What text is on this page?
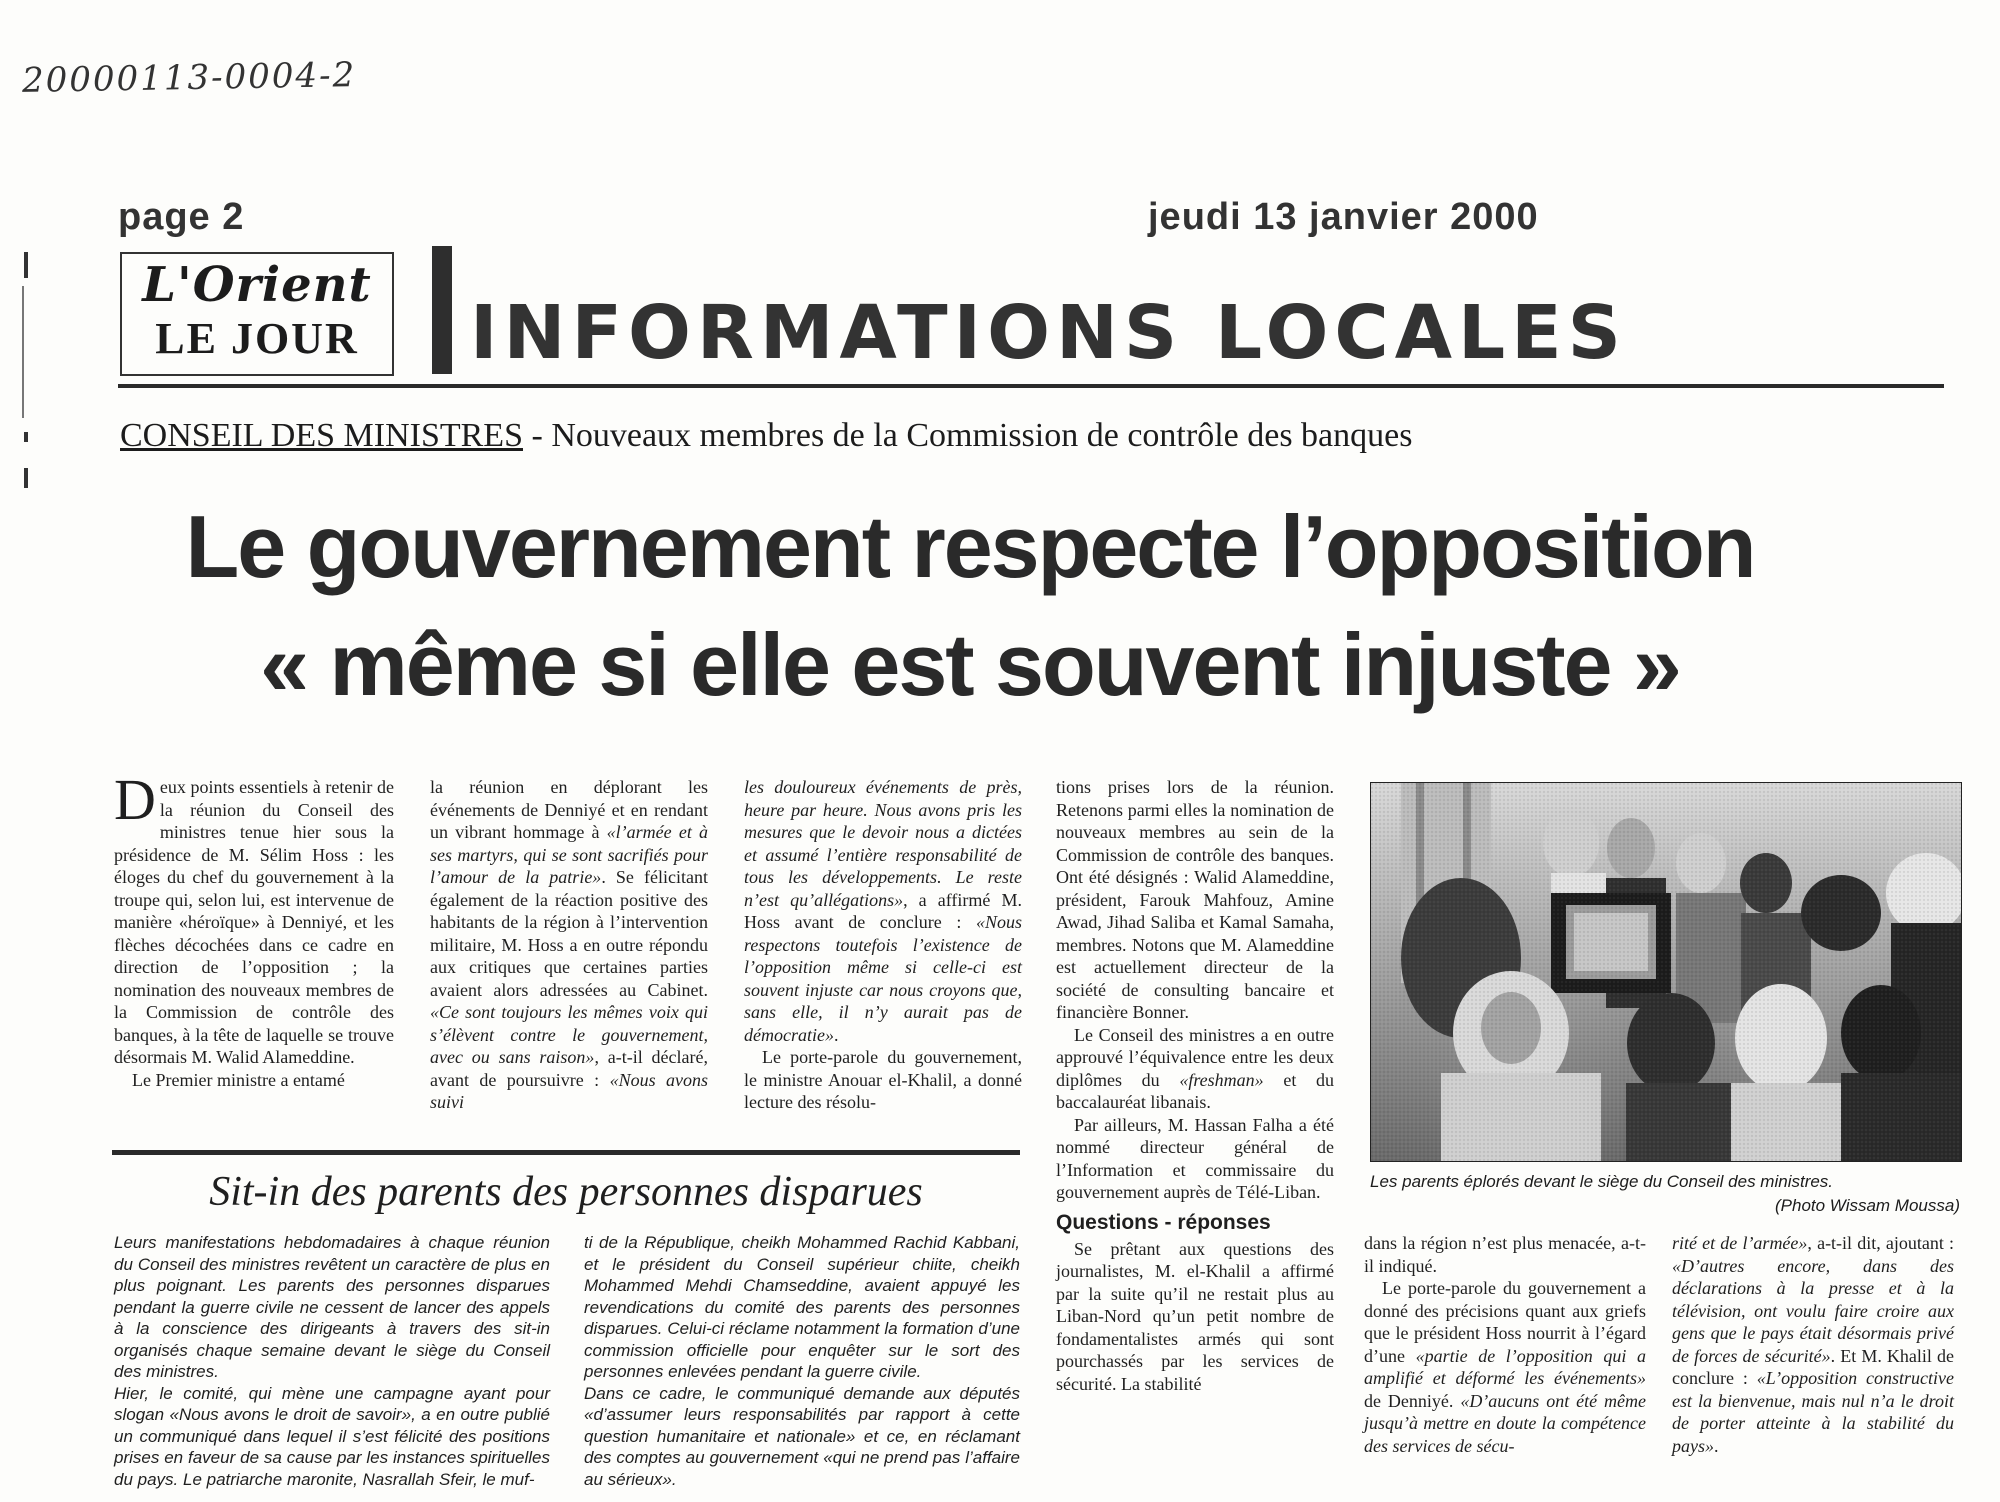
20000113-0004-2
page 2	jeudi 13 janvier 2000
L'Orient
LE JOUR	INFORMATIONS LOCALES
CONSEIL DES MINISTRES - Nouveaux membres de la Commission de contrôle des banques
Le gouvernement respecte l’opposition
« même si elle est souvent injuste »

Deux points essentiels à retenir de la réunion du Conseil des ministres tenue hier sous la présidence de M. Sélim Hoss : les éloges du chef du gouvernement à la troupe qui, selon lui, est intervenue de manière «héroïque» à Denniyé, et les flèches décochées dans ce cadre en direction de l’opposition ; la nomination des nouveaux membres de la Commission de contrôle des banques, à la tête de laquelle se trouve désormais M. Walid Alameddine.

Le Premier ministre a entamé

la réunion en déplorant les événements de Denniyé et en rendant un vibrant hommage à «l’armée et à ses martyrs, qui se sont sacrifiés pour l’amour de la patrie». Se félicitant également de la réaction positive des habitants de la région à l’intervention militaire, M. Hoss a en outre répondu aux critiques que certaines parties avaient alors adressées au Cabinet. «Ce sont toujours les mêmes voix qui s’élèvent contre le gouvernement, avec ou sans raison», a-t-il déclaré, avant de poursuivre : «Nous avons suivi

les douloureux événements de près, heure par heure. Nous avons pris les mesures que le devoir nous a dictées et assumé l’entière responsabilité de tous les développements. Le reste n’est qu’allégations», a affirmé M. Hoss avant de conclure : «Nous respectons toutefois l’existence de l’opposition même si celle-ci est souvent injuste car nous croyons que, sans elle, il n’y aurait pas de démocratie».

Le porte-parole du gouvernement, le ministre Anouar el-Khalil, a donné lecture des résolu-

tions prises lors de la réunion. Retenons parmi elles la nomination de nouveaux membres au sein de la Commission de contrôle des banques. Ont été désignés : Walid Alameddine, président, Farouk Mahfouz, Amine Awad, Jihad Saliba et Kamal Samaha, membres. Notons que M. Alameddine est actuellement directeur de la société de consulting bancaire et financière Bonner.

Le Conseil des ministres a en outre approuvé l’équivalence entre les deux diplômes du «freshman» et du baccalauréat libanais.

Par ailleurs, M. Hassan Falha a été nommé directeur général de l’Information et commissaire du gouvernement auprès de Télé-Liban.

Questions - réponses

Se prêtant aux questions des journalistes, M. el-Khalil a affirmé par la suite qu’il ne restait plus au Liban-Nord qu’un petit nombre de fondamentalistes armés qui sont pourchassés par les services de sécurité. La stabilité

Les parents éplorés devant le siège du Conseil des ministres.
(Photo Wissam Moussa)
Sit-in des parents des personnes disparues

Leurs manifestations hebdomadaires à chaque réunion du Conseil des ministres revêtent un caractère de plus en plus poignant. Les parents des personnes disparues pendant la guerre civile ne cessent de lancer des appels à la conscience des dirigeants à travers des sit-in organisés chaque semaine devant le siège du Conseil des ministres.

Hier, le comité, qui mène une campagne ayant pour slogan «Nous avons le droit de savoir», a en outre publié un communiqué dans lequel il s’est félicité des positions prises en faveur de sa cause par les instances spirituelles du pays. Le patriarche maronite, Nasrallah Sfeir, le muf-

ti de la République, cheikh Mohammed Rachid Kabbani, et le président du Conseil supérieur chiite, cheikh Mohammed Mehdi Chamseddine, avaient appuyé les revendications du comité des parents des personnes disparues. Celui-ci réclame notamment la formation d’une commission officielle pour enquêter sur le sort des personnes enlevées pendant la guerre civile.

Dans ce cadre, le communiqué demande aux députés «d’assumer leurs responsabilités par rapport à cette question humanitaire et nationale» et ce, en réclamant des comptes au gouvernement «qui ne prend pas l’affaire au sérieux».

dans la région n’est plus menacée, a-t-il indiqué.

Le porte-parole du gouvernement a donné des précisions quant aux griefs que le président Hoss nourrit à l’égard d’une «partie de l’opposition qui a amplifié et déformé les événements» de Denniyé. «D’aucuns ont été même jusqu’à mettre en doute la compétence des services de sécu-

rité et de l’armée», a-t-il dit, ajoutant : «D’autres encore, dans des déclarations à la presse et à la télévision, ont voulu faire croire aux gens que le pays était désormais privé de forces de sécurité». Et M. Khalil de conclure : «L’opposition constructive est la bienvenue, mais nul n’a le droit de porter atteinte à la stabilité du pays».
